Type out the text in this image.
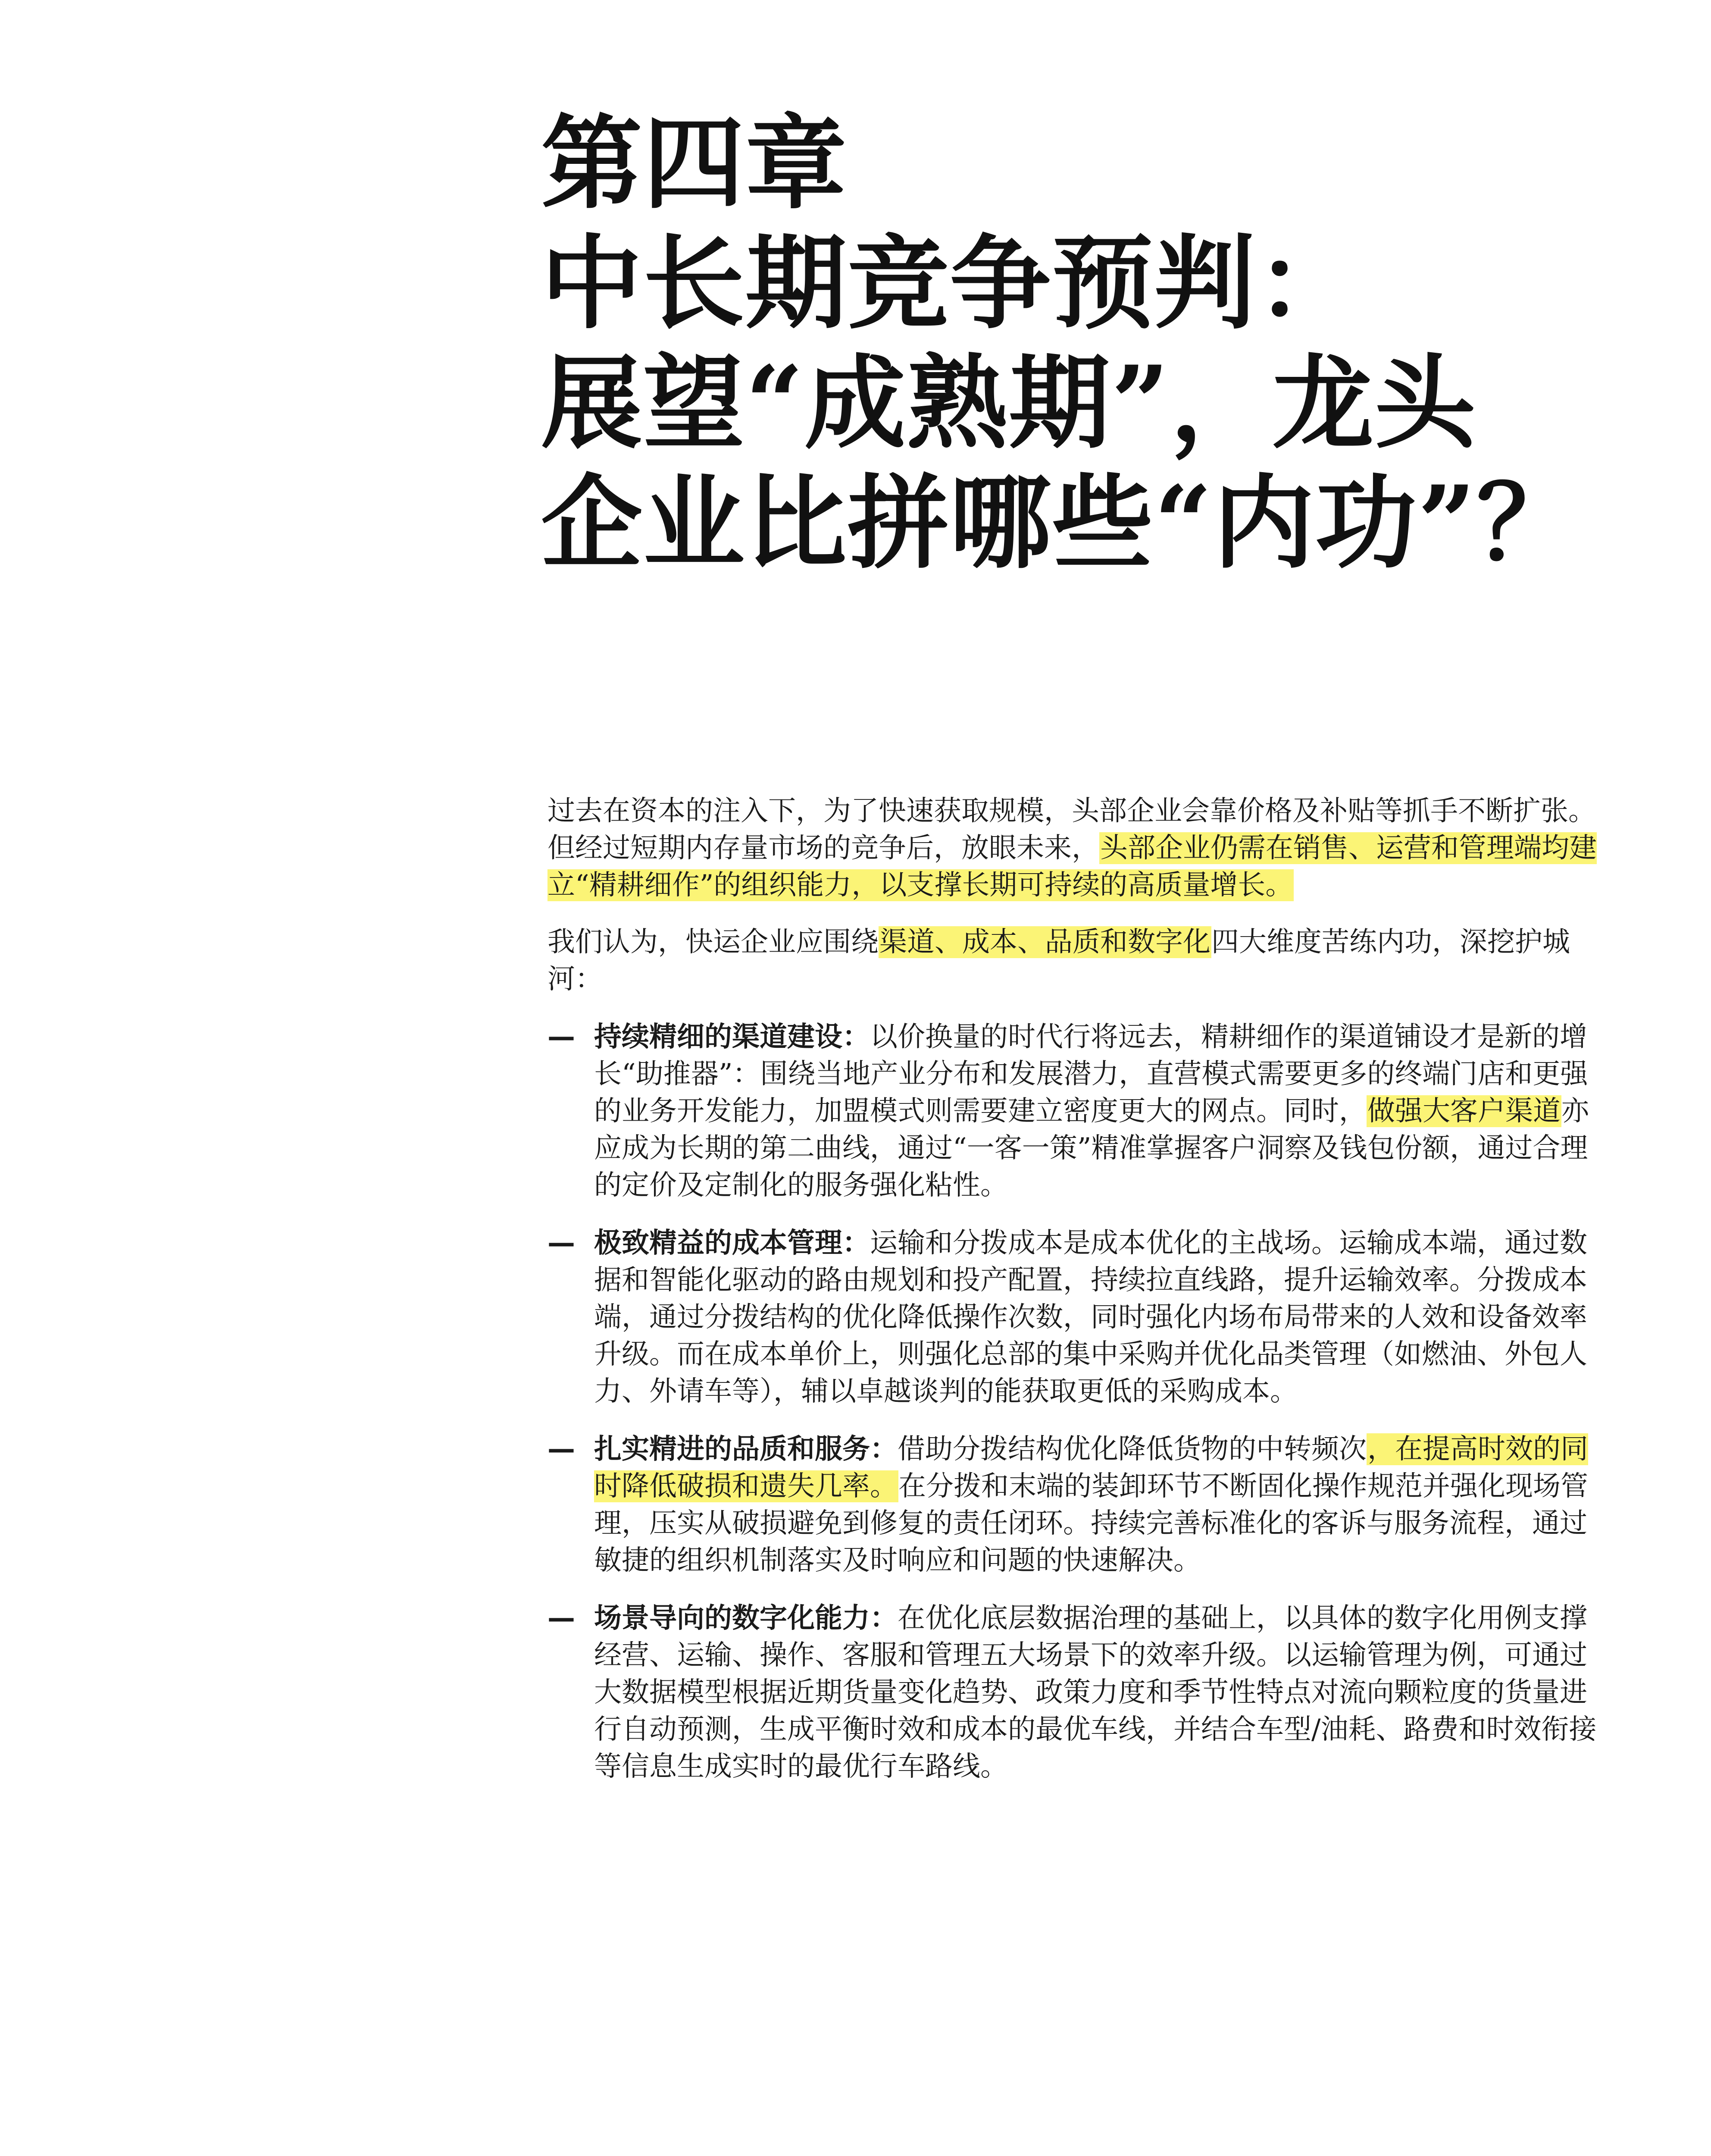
第四章
中长期竞争预判：
展望“成熟期”，龙头
企业比拼哪些“内功”？

过去在资本的注入下，为了快速获取规模，头部企业会靠价格及补贴等抓手不断扩张。但经过短期内存量市场的竞争后，放眼未来，头部企业仍需在销售、运营和管理端均建立“精耕细作”的组织能力，以支撑长期可持续的高质量增长。

我们认为，快运企业应围绕渠道、成本、品质和数字化四大维度苦练内功，深挖护城河：

— 持续精细的渠道建设：以价换量的时代行将远去，精耕细作的渠道铺设才是新的增长“助推器”：围绕当地产业分布和发展潜力，直营模式需要更多的终端门店和更强的业务开发能力，加盟模式则需要建立密度更大的网点。同时，做强大客户渠道亦应成为长期的第二曲线，通过“一客一策”精准掌握客户洞察及钱包份额，通过合理的定价及定制化的服务强化粘性。
— 极致精益的成本管理：运输和分拨成本是成本优化的主战场。运输成本端，通过数据和智能化驱动的路由规划和投产配置，持续拉直线路，提升运输效率。分拨成本端，通过分拨结构的优化降低操作次数，同时强化内场布局带来的人效和设备效率升级。而在成本单价上，则强化总部的集中采购并优化品类管理（如燃油、外包人力、外请车等），辅以卓越谈判的能获取更低的采购成本。
— 扎实精进的品质和服务：借助分拨结构优化降低货物的中转频次，在提高时效的同时降低破损和遗失几率。在分拨和末端的装卸环节不断固化操作规范并强化现场管理，压实从破损避免到修复的责任闭环。持续完善标准化的客诉与服务流程，通过敏捷的组织机制落实及时响应和问题的快速解决。
— 场景导向的数字化能力：在优化底层数据治理的基础上，以具体的数字化用例支撑经营、运输、操作、客服和管理五大场景下的效率升级。以运输管理为例，可通过大数据模型根据近期货量变化趋势、政策力度和季节性特点对流向颗粒度的货量进行自动预测，生成平衡时效和成本的最优车线，并结合车型/油耗、路费和时效衔接等信息生成实时的最优行车路线。
